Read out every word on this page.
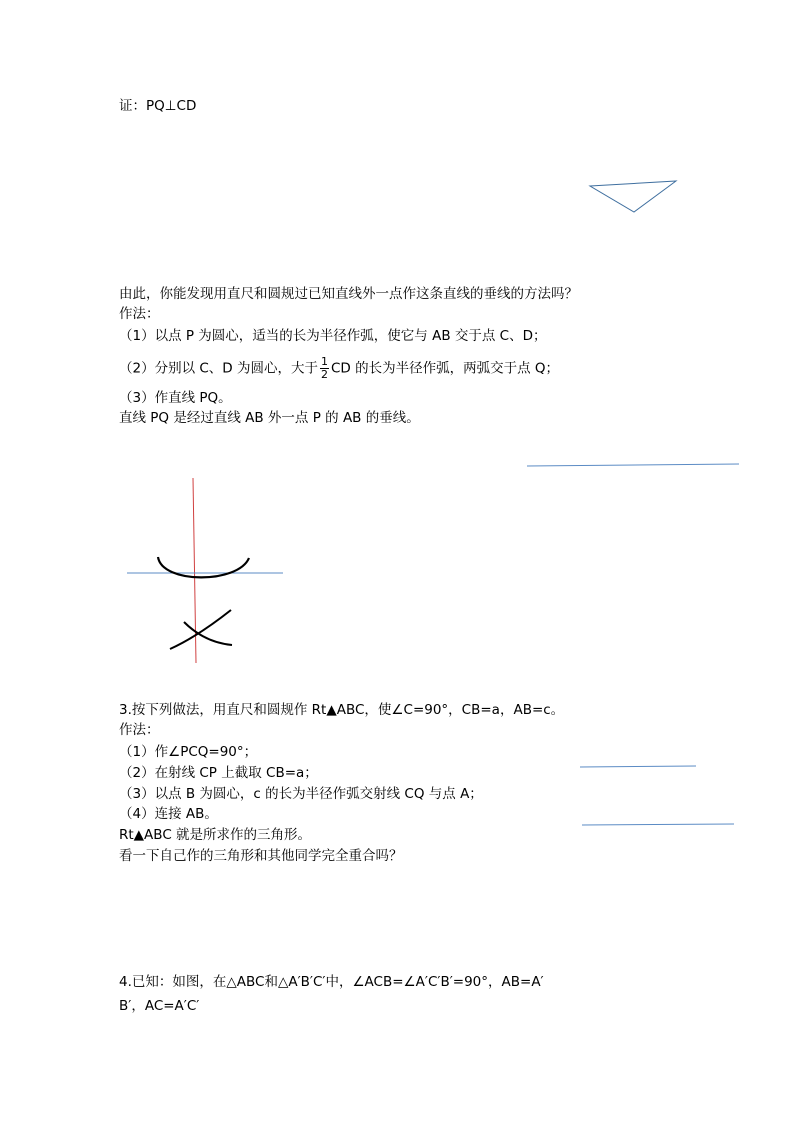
证：PQ⊥CD
由此，你能发现用直尺和圆规过已知直线外一点作这条直线的垂线的方法吗？
作法：
（1）以点 P 为圆心，适当的长为半径作弧，使它与 AB 交于点 C、D；
（2）分别以 C、D 为圆心，大于 $\frac{1}{2}$ CD 的长为半径作弧，两弧交于点 Q；
（3）作直线 PQ。
直线 PQ 是经过直线 AB 外一点 P 的 AB 的垂线。
3.按下列做法，用直尺和圆规作 Rt▲ABC，使∠C=90°，CB=a，AB=c。
作法：
（1）作∠PCQ=90°；
（2）在射线 CP 上截取 CB=a；
（3）以点 B 为圆心，c 的长为半径作弧交射线 CQ 与点 A；
（4）连接 AB。
Rt▲ABC 就是所求作的三角形。
看一下自己作的三角形和其他同学完全重合吗？
4.已知：如图，在△ABC和△A′B′C′中，∠ACB=∠A′C′B′=90°，AB=A′
B′，AC=A′C′
